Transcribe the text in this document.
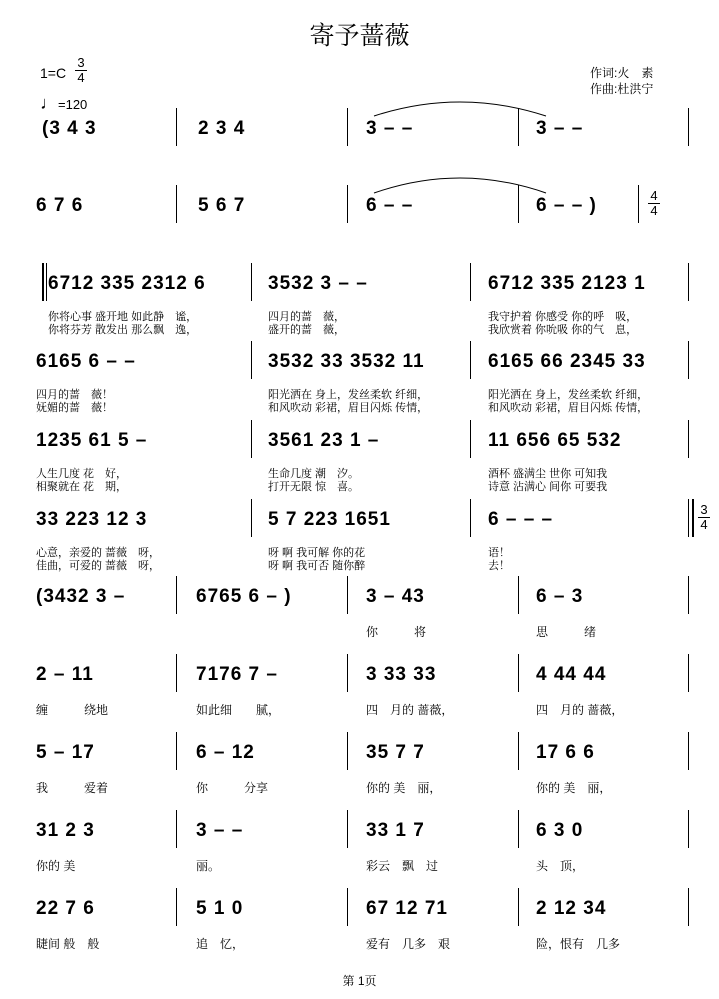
寄予蔷薇
1=C
3
4
♩=120
作词:火　素
作曲:杜洪宁
(3 4 3	2 3 4	3 – –	3 – –
6 7 6	5 6 7	6 – –	6 – – )	4
4
6712 335 2312 6	3532 3 – –	6712 335 2123 1
你将心事 盛开地 如此静　谧，	四月的蔷　薇，	我守护着 你感受 你的呼　吸，
你将芬芳 散发出 那么飘　逸，	盛开的蔷　薇，	我欣赏着 你吮吸 你的气　息，
6165 6 – –	3532 33 3532 11	6165 66 2345 33
四月的蔷　薇！	阳光洒在 身上，发丝柔软 纤细，	阳光洒在 身上，发丝柔软 纤细，
妩媚的蔷　薇！	和风吹动 彩裙，眉目闪烁 传情，	和风吹动 彩裙，眉目闪烁 传情，
1235 61 5 –	3561 23 1 –	11 656 65 532
人生几度 花　好，	生命几度 潮　汐。	酒杯 盛满尘 世你 可知我
相聚就在 花　期，	打开无限 惊　喜。	诗意 沾满心 间你 可要我
33 223 12 3	5 7 223 1651	6 – – –	3
4
心意，亲爱的 蔷薇　呀，	呀 啊 我可解 你的花	语！
佳曲，可爱的 蔷薇　呀，	呀 啊 我可否 随你醉	去！
(3432 3 –	6765 6 – )	3 – 43	6 – 3
你　　　将	思　　　绪
2 – 11	7176 7 –	3 33 33	4 44 44
缠　　　绕地	如此细　　腻，	四　月的 蔷薇，	四　月的 蔷薇，
5 – 17	6 – 12	35 7 7	17 6 6
我　　　爱着	你　　　分享	你的 美　丽，	你的 美　丽，
31 2 3	3 – –	33 1 7	6 3 0
你的 美	丽。	彩云　飘　过	头　顶，
22 7 6	5 1 0	67 12 71	2 12 34
睫间 般　般	追　忆，	爱有　几多　艰	险，恨有　几多
第 1页
